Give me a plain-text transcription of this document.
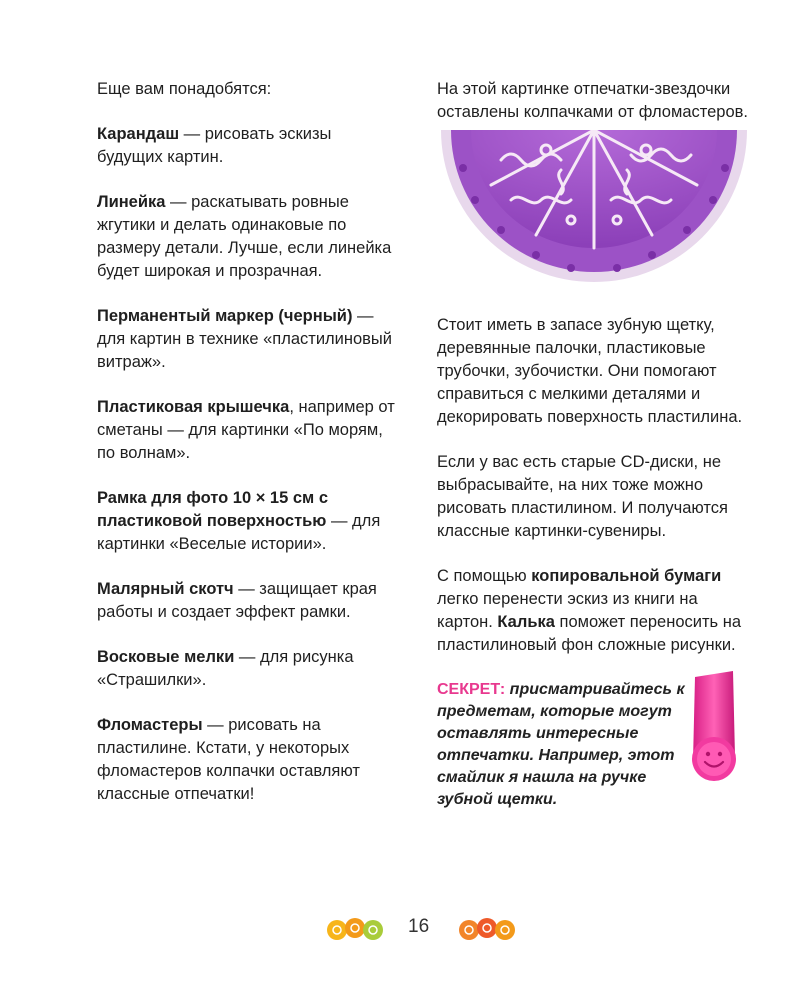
Еще вам понадобятся:

Карандаш — рисовать эскизы будущих картин.

Линейка — раскатывать ровные жгутики и делать одинаковые по размеру детали. Лучше, если линейка будет широкая и прозрачная.

Перманентый маркер (черный) — для картин в технике «пластилиновый витраж».

Пластиковая крышечка, например от сметаны — для картинки «По морям, по волнам».

Рамка для фото 10 × 15 см с пластиковой поверхностью — для картинки «Веселые истории».

Малярный скотч — защищает края работы и создает эффект рамки.

Восковые мелки — для рисунка «Страшилки».

Фломастеры — рисовать на пластилине. Кстати, у некоторых фломастеров колпачки оставляют классные отпечатки!

На этой картинке отпечатки-звездочки оставлены колпачками от фломастеров.

Стоит иметь в запасе зубную щетку, деревянные палочки, пластиковые трубочки, зубочистки. Они помогают справиться с мелкими деталями и декорировать поверхность пластилина.

Если у вас есть старые CD-диски, не выбрасывайте, на них тоже можно рисовать пластилином. И получаются классные картинки-сувениры.

С помощью копировальной бумаги легко перенести эскиз из книги на картон. Калька поможет переносить на пластилиновый фон сложные рисунки.

СЕКРЕТ: присматривайтесь к предметам, которые могут оставлять интересные отпечатки. Например, этот смайлик я нашла на ручке зубной щетки.
16
